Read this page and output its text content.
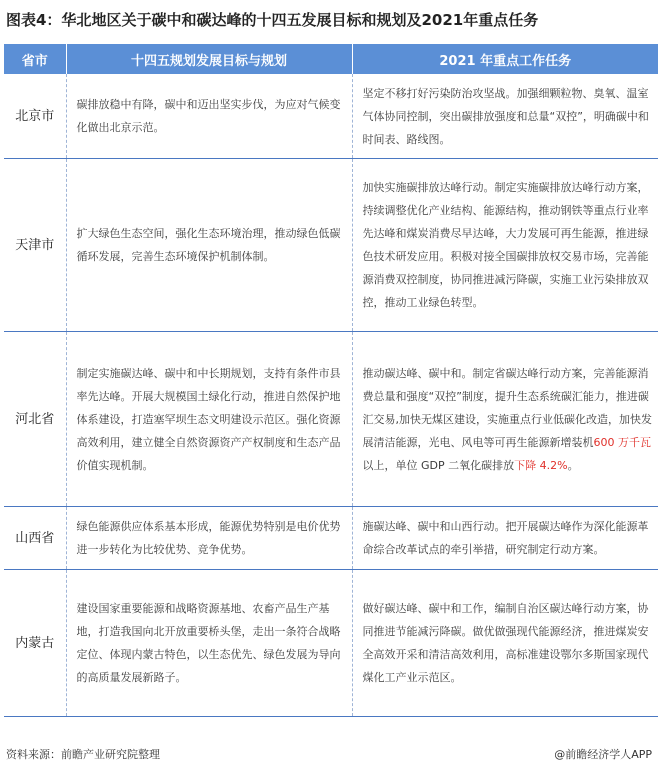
图表4：华北地区关于碳中和碳达峰的十四五发展目标和规划及2021年重点任务
省市	十四五规划发展目标与规划	2021 年重点工作任务
北京市	碳排放稳中有降，碳中和迈出坚实步伐，为应对气候变化做出北京示范。	坚定不移打好污染防治攻坚战。加强细颗粒物、臭氧、温室气体协同控制，突出碳排放强度和总量“双控”，明确碳中和时间表、路线图。
天津市	扩大绿色生态空间，强化生态环境治理，推动绿色低碳循环发展，完善生态环境保护机制体制。	加快实施碳排放达峰行动。制定实施碳排放达峰行动方案，持续调整优化产业结构、能源结构，推动钢铁等重点行业率先达峰和煤炭消费尽早达峰，大力发展可再生能源，推进绿色技术研发应用。积极对接全国碳排放权交易市场，完善能源消费双控制度，协同推进减污降碳，实施工业污染排放双控，推动工业绿色转型。
河北省	制定实施碳达峰、碳中和中长期规划，支持有条件市县率先达峰。开展大规模国土绿化行动，推进自然保护地体系建设，打造塞罕坝生态文明建设示范区。强化资源高效利用，建立健全自然资源资产产权制度和生态产品价值实现机制。	推动碳达峰、碳中和。制定省碳达峰行动方案，完善能源消费总量和强度“双控”制度，提升生态系统碳汇能力，推进碳汇交易,加快无煤区建设，实施重点行业低碳化改造，加快发展清洁能源，光电、风电等可再生能源新增装机600 万千瓦以上，单位 GDP 二氧化碳排放下降 4.2%。
山西省	绿色能源供应体系基本形成，能源优势特别是电价优势进一步转化为比较优势、竞争优势。	施碳达峰、碳中和山西行动。把开展碳达峰作为深化能源革命综合改革试点的牵引举措，研究制定行动方案。
内蒙古	建设国家重要能源和战略资源基地、农畜产品生产基地，打造我国向北开放重要桥头堡，走出一条符合战略定位、体现内蒙古特色，以生态优先、绿色发展为导向的高质量发展新路子。	做好碳达峰、碳中和工作，编制自治区碳达峰行动方案，协同推进节能减污降碳。做优做强现代能源经济，推进煤炭安全高效开采和清洁高效利用，高标准建设鄂尔多斯国家现代煤化工产业示范区。
资料来源：前瞻产业研究院整理	@前瞻经济学人APP
